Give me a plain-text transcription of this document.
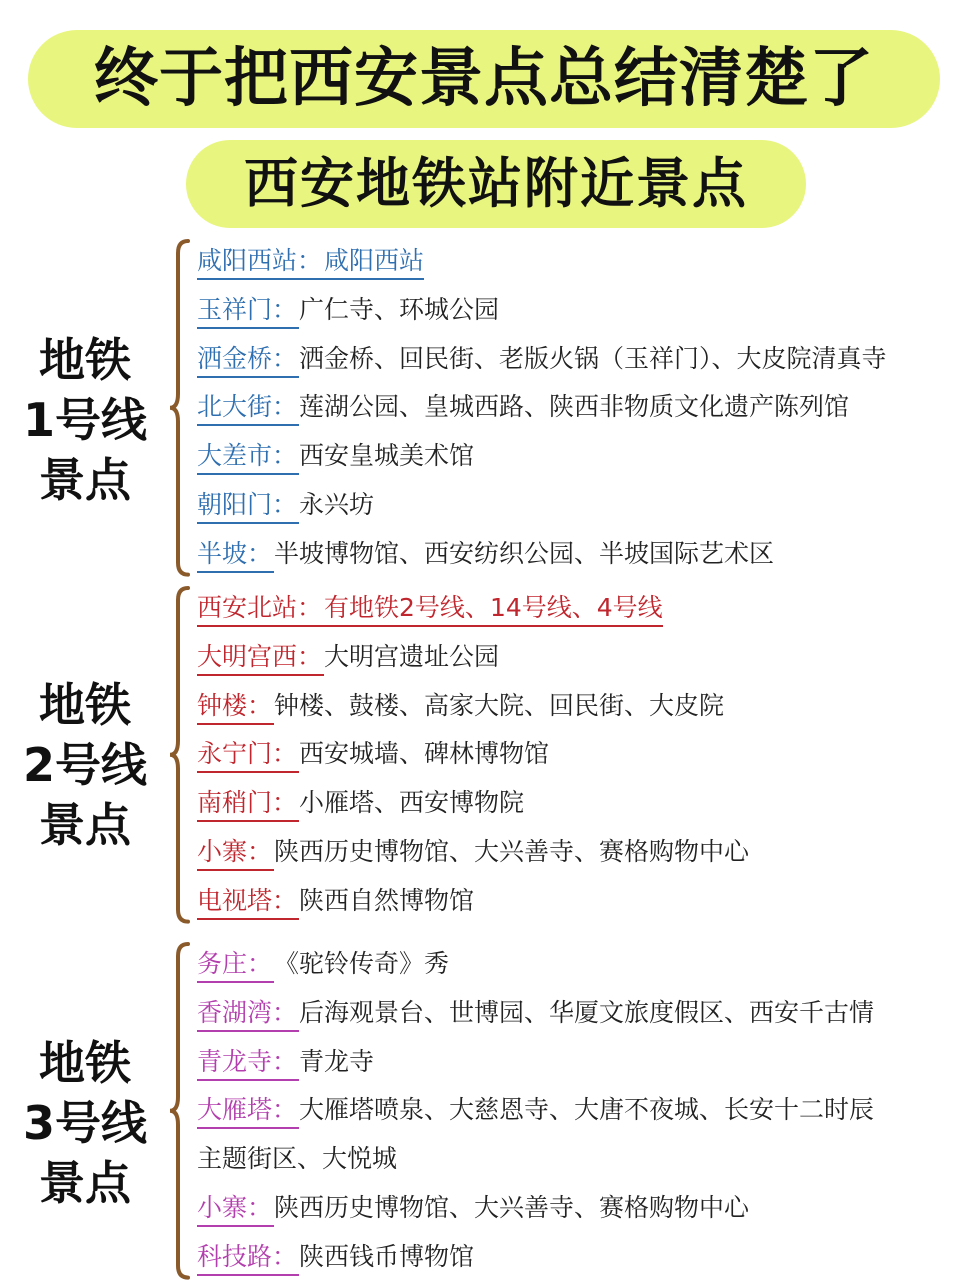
终于把西安景点总结清楚了
西安地铁站附近景点
地铁
1号线
景点
咸阳西站：咸阳西站
玉祥门：广仁寺、环城公园
洒金桥：洒金桥、回民街、老版火锅（玉祥门）、大皮院清真寺
北大街：莲湖公园、皇城西路、陕西非物质文化遗产陈列馆
大差市：西安皇城美术馆
朝阳门：永兴坊
半坡：半坡博物馆、西安纺织公园、半坡国际艺术区
地铁
2号线
景点
西安北站：有地铁2号线、14号线、4号线
大明宫西：大明宫遗址公园
钟楼：钟楼、鼓楼、高家大院、回民街、大皮院
永宁门：西安城墙、碑林博物馆
南稍门：小雁塔、西安博物院
小寨：陕西历史博物馆、大兴善寺、赛格购物中心
电视塔：陕西自然博物馆
地铁
3号线
景点
务庄：《驼铃传奇》秀
香湖湾：后海观景台、世博园、华厦文旅度假区、西安千古情
青龙寺：青龙寺
大雁塔：大雁塔喷泉、大慈恩寺、大唐不夜城、长安十二时辰
主题街区、大悦城
小寨：陕西历史博物馆、大兴善寺、赛格购物中心
科技路：陕西钱币博物馆
